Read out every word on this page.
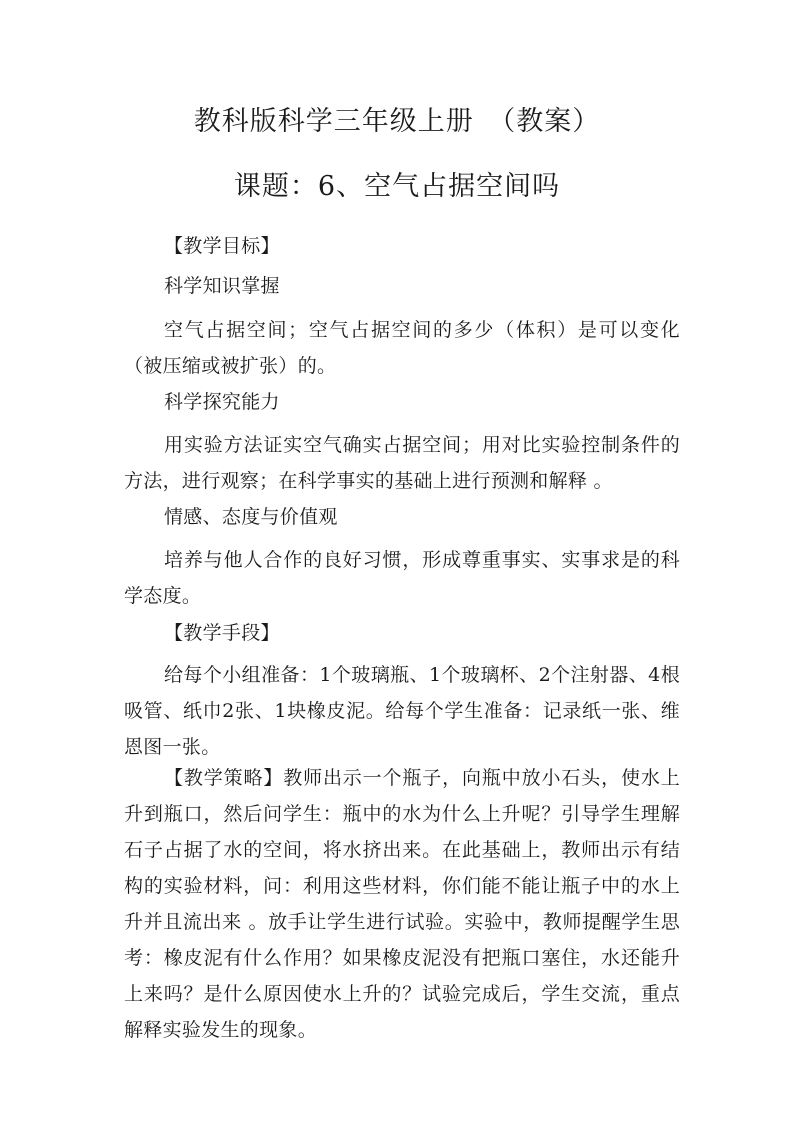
教科版科学三年级上册　（教案）
课题：6、空气占据空间吗
【教学目标】
科学知识掌握
空气占据空间；空气占据空间的多少（体积）是可以变化（被压缩或被扩张）的。
科学探究能力
用实验方法证实空气确实占据空间；用对比实验控制条件的方法，进行观察；在科学事实的基础上进行预测和解释 。
情感、态度与价值观
培养与他人合作的良好习惯，形成尊重事实、实事求是的科学态度。
【教学手段】
给每个小组准备：1个玻璃瓶、1个玻璃杯、2个注射器、4根吸管、纸巾2张、1块橡皮泥。给每个学生准备：记录纸一张、维恩图一张。
【教学策略】教师出示一个瓶子，向瓶中放小石头，使水上升到瓶口，然后问学生：瓶中的水为什么上升呢？引导学生理解石子占据了水的空间，将水挤出来。在此基础上，教师出示有结构的实验材料，问：利用这些材料，你们能不能让瓶子中的水上升并且流出来 。放手让学生进行试验。实验中，教师提醒学生思考：橡皮泥有什么作用？如果橡皮泥没有把瓶口塞住，水还能升上来吗？是什么原因使水上升的？试验完成后，学生交流，重点解释实验发生的现象。
